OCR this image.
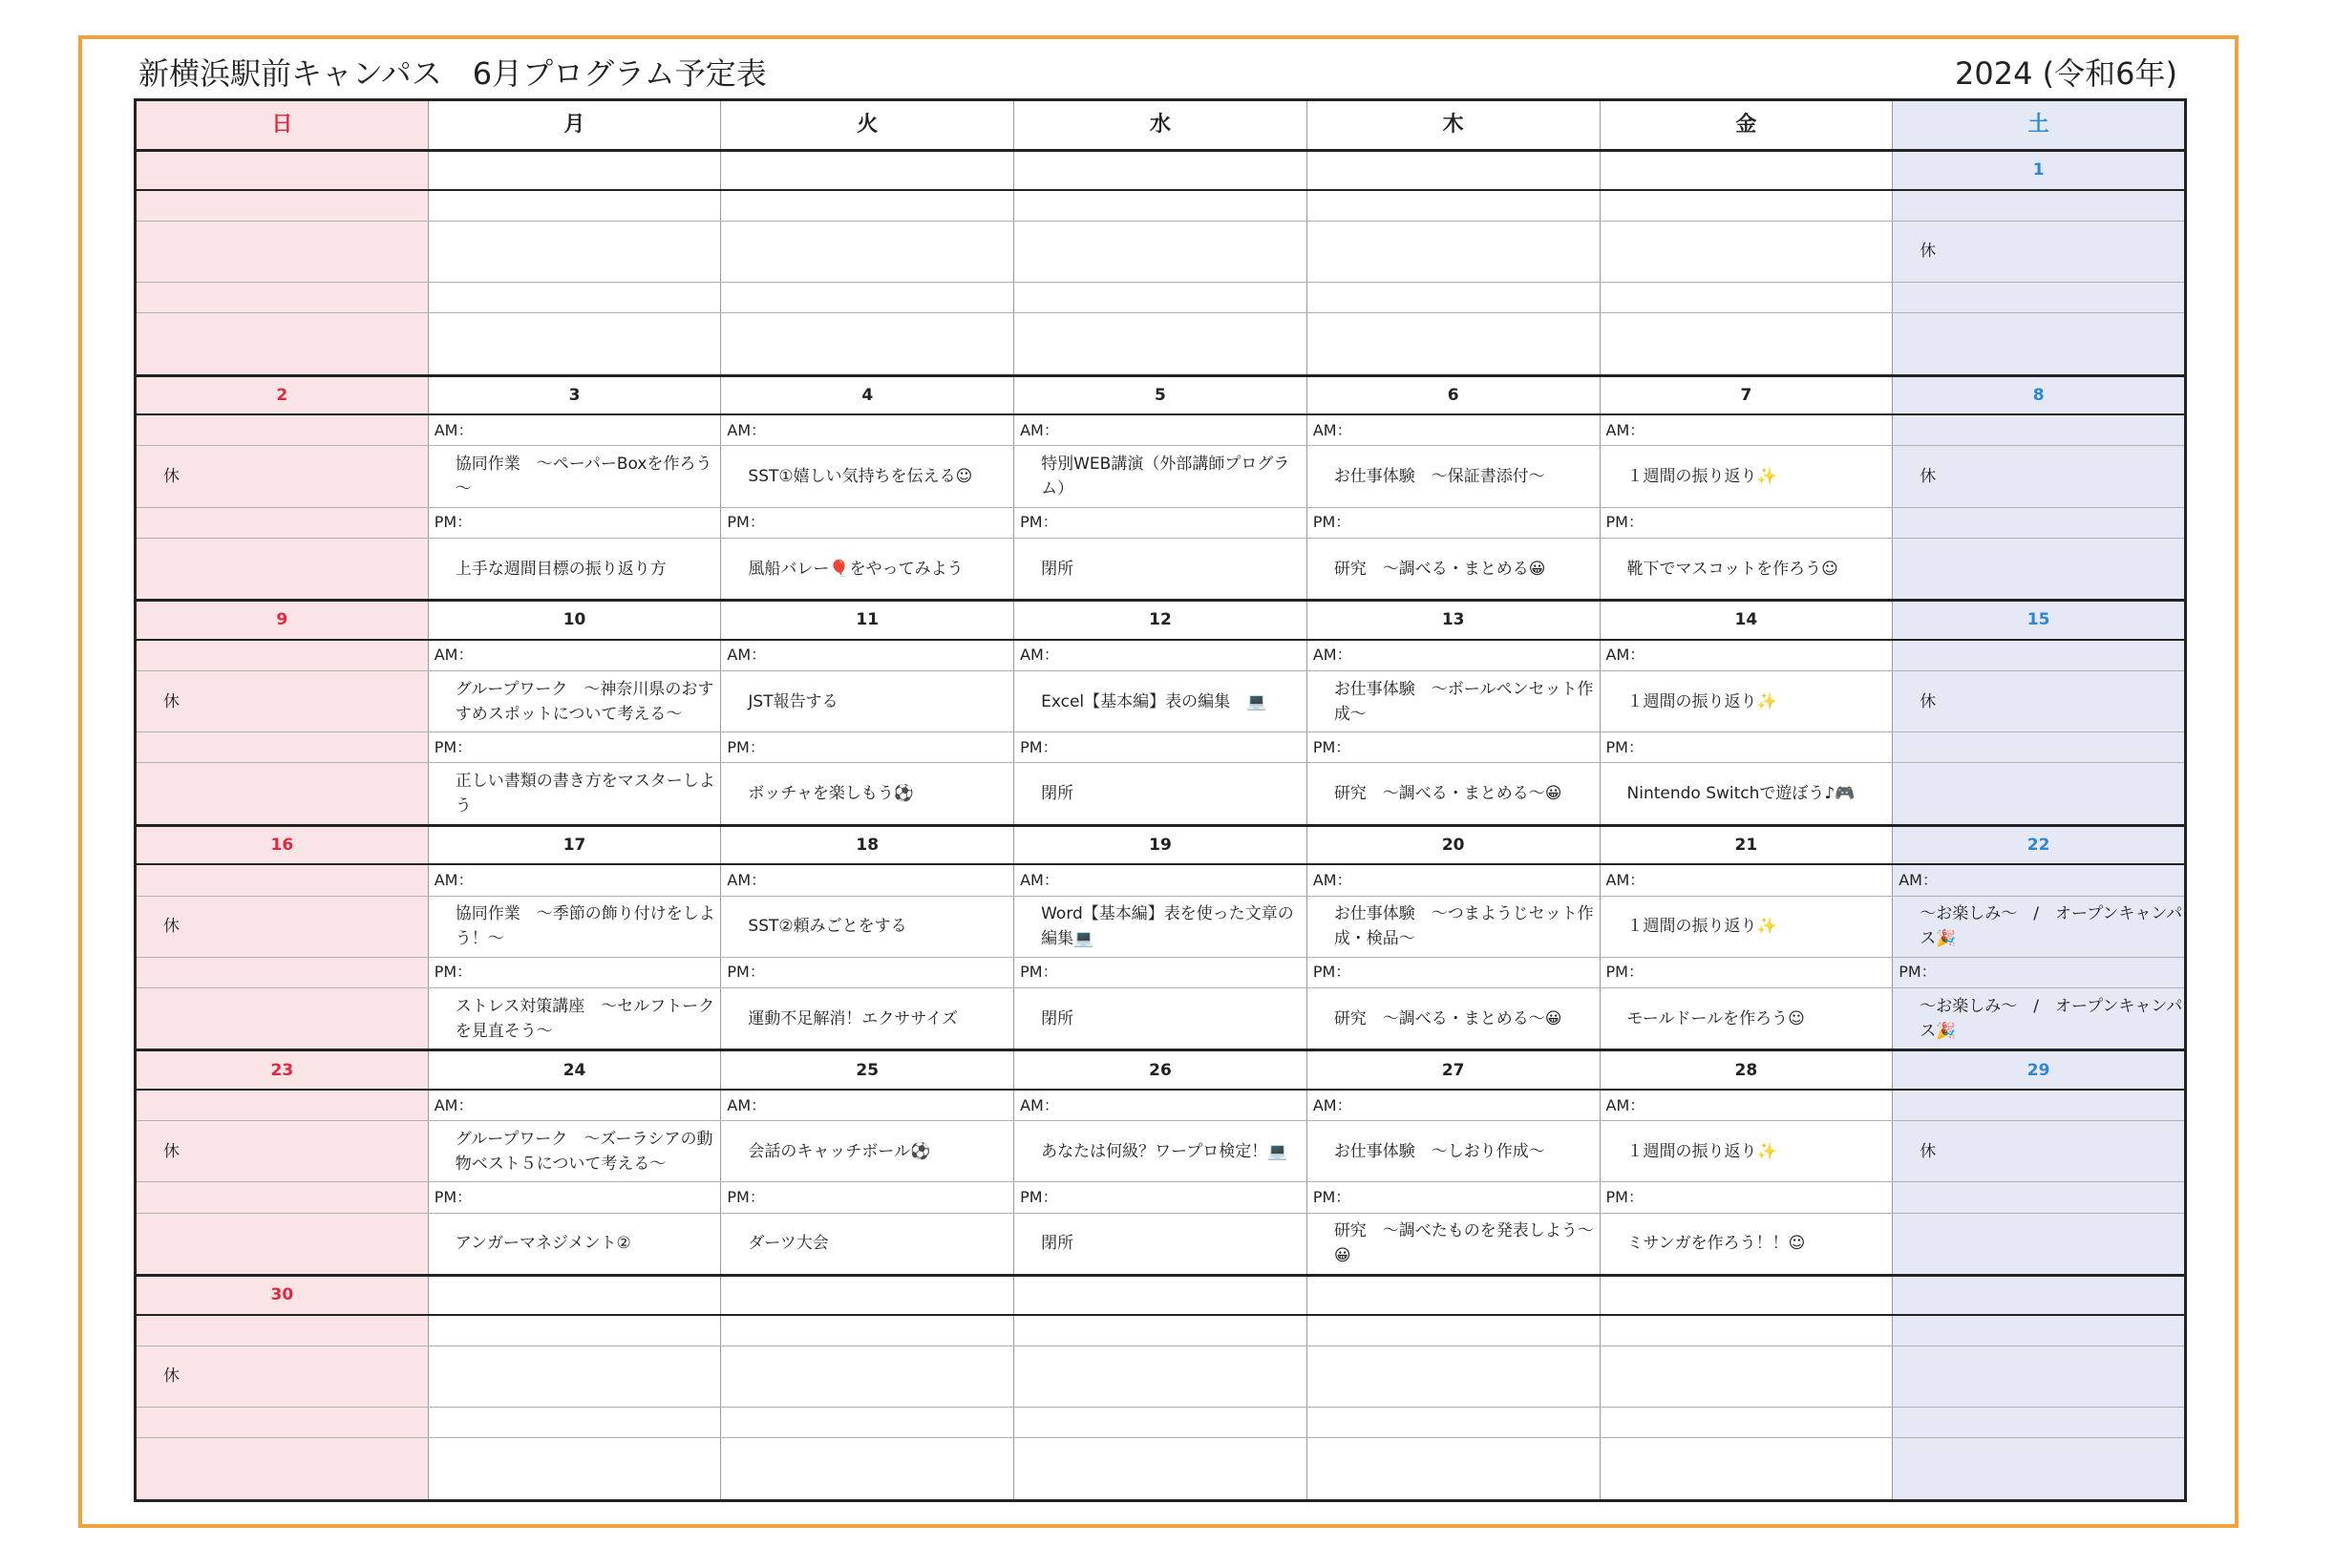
新横浜駅前キャンパス　6月プログラム予定表	2024 (令和6年)
日	月	火	水	木	金	土
						1

						休

2	3	4	5	6	7	8

	AM：	AM：	AM：	AM：	AM：	

休	協同作業　～ペーパーBoxを作ろう～	SST①嬉しい気持ちを伝える☺	特別WEB講演（外部講師プログラム）	お仕事体験　～保証書添付～	１週間の振り返り✨	休

	PM：	PM：	PM：	PM：	PM：	

	上手な週間目標の振り返り方	風船バレー🎈をやってみよう	閉所	研究　～調べる・まとめる😀	靴下でマスコットを作ろう☺	

9	10	11	12	13	14	15

	AM：	AM：	AM：	AM：	AM：	

休	グループワーク　～神奈川県のおすすめスポットについて考える～	JST報告する	Excel【基本編】表の編集　💻	お仕事体験　～ボールペンセット作成～	１週間の振り返り✨	休

	PM：	PM：	PM：	PM：	PM：	

	正しい書類の書き方をマスターしよう	ボッチャを楽しもう⚽	閉所	研究　～調べる・まとめる～😀	Nintendo Switchで遊ぼう♪🎮	

16	17	18	19	20	21	22

	AM：	AM：	AM：	AM：	AM：	AM：

休	協同作業　～季節の飾り付けをしよう！～	SST②頼みごとをする	Word【基本編】表を使った文章の編集💻	お仕事体験　～つまようじセット作成・検品～	１週間の振り返り✨	～お楽しみ～　/　オープンキャンパス🎉

	PM：	PM：	PM：	PM：	PM：	PM：

	ストレス対策講座　～セルフトークを見直そう～	運動不足解消！エクササイズ	閉所	研究　～調べる・まとめる～😀	モールドールを作ろう☺	～お楽しみ～　/　オープンキャンパス🎉

23	24	25	26	27	28	29

	AM：	AM：	AM：	AM：	AM：	

休	グループワーク　～ズーラシアの動物ベスト５について考える～	会話のキャッチボール⚽	あなたは何級？ワープロ検定！💻	お仕事体験　～しおり作成～	１週間の振り返り✨	休

	PM：	PM：	PM：	PM：	PM：	

	アンガーマネジメント②	ダーツ大会	閉所	研究　～調べたものを発表しよう～😀	ミサンガを作ろう！！☺	

30						

休						
